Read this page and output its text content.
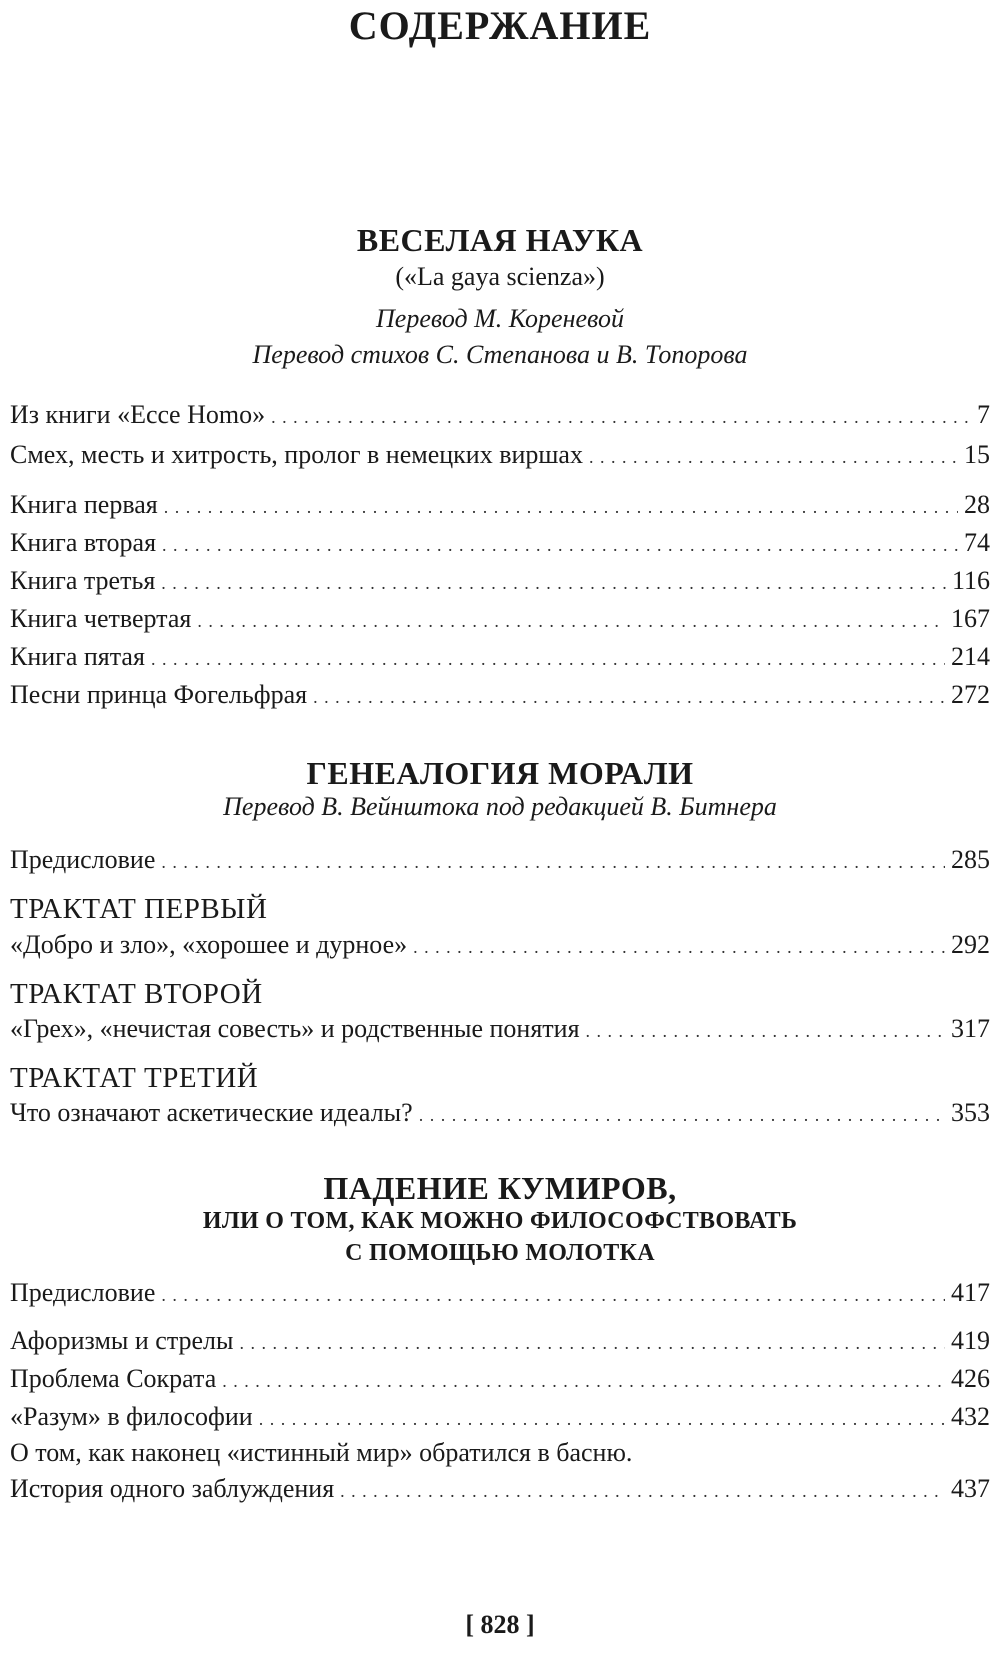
СОДЕРЖАНИЕ
ВЕСЕЛАЯ НАУКА
(«La gaya scienza»)
Перевод М. Кореневой
Перевод стихов С. Степанова и В. Топорова
Из книги «Ecce Homo» . . .	7
Смех, месть и хитрость, пролог в немецких виршах . . .	15
Книга первая . . .	28
Книга вторая . . .	74
Книга третья . . .	116
Книга четвертая . . .	167
Книга пятая . . .	214
Песни принца Фогельфрая . . .	272
ГЕНЕАЛОГИЯ МОРАЛИ
Перевод В. Вейнштока под редакцией В. Битнера
Предисловие . . .	285
ТРАКТАТ ПЕРВЫЙ
«Добро и зло», «хорошее и дурное» . . .	292
ТРАКТАТ ВТОРОЙ
«Грех», «нечистая совесть» и родственные понятия . . .	317
ТРАКТАТ ТРЕТИЙ
Что означают аскетические идеалы? . . .	353
ПАДЕНИЕ КУМИРОВ,
ИЛИ О ТОМ, КАК МОЖНО ФИЛОСОФСТВОВАТЬ
С ПОМОЩЬЮ МОЛОТКА
Предисловие . . .	417
Афоризмы и стрелы . . .	419
Проблема Сократа . . .	426
«Разум» в философии . . .	432
О том, как наконец «истинный мир» обратился в басню.
История одного заблуждения . . .	437
[ 828 ]
